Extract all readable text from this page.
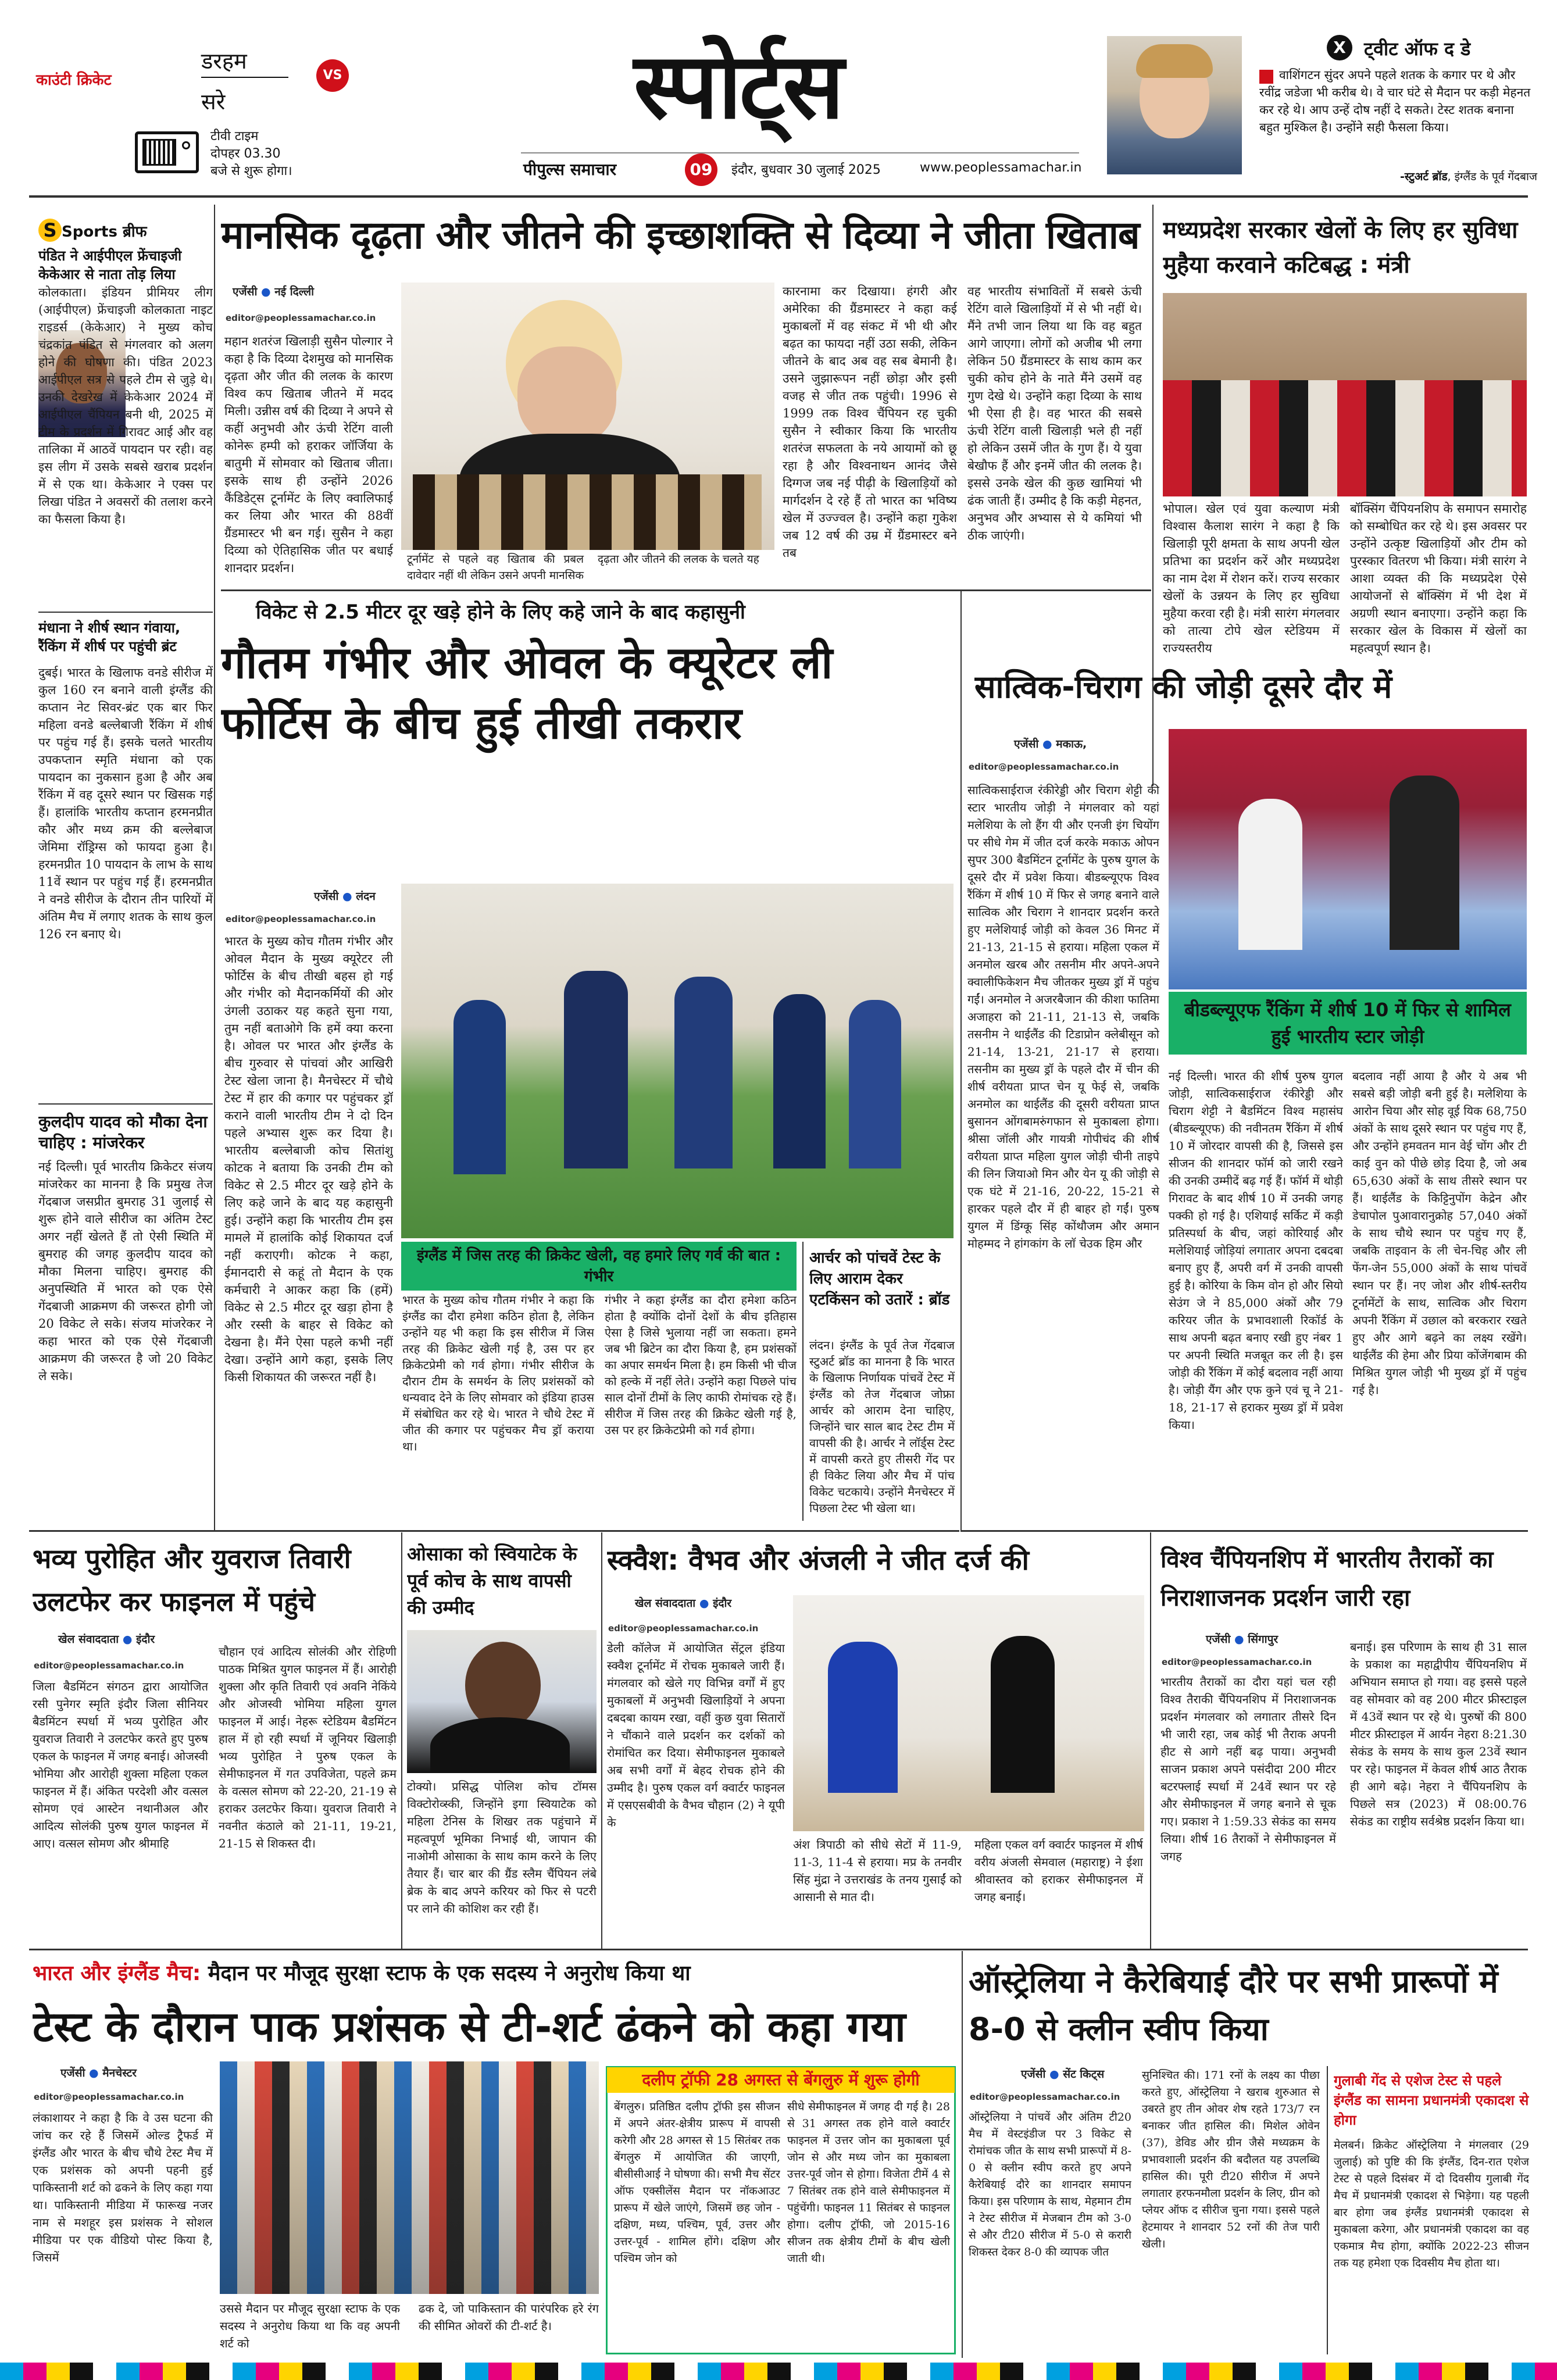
काउंटी क्रिकेट
डरहम
सरे
VS
टीवी टाइम
दोपहर 03.30
बजे से शुरू होगा।
स्पोर्ट्स
पीपुल्स समाचार	09	इंदौर, बुधवार 30 जुलाई 2025	www.peoplessamachar.in
X ट्वीट ऑफ द डे
वाशिंगटन सुंदर अपने पहले शतक के कगार पर थे और रवींद्र जडेजा भी करीब थे। वे चार घंटे से मैदान पर कड़ी मेहनत कर रहे थे। आप उन्हें दोष नहीं दे सकते। टेस्ट शतक बनाना बहुत मुश्किल है। उन्होंने सही फैसला किया।
-स्टुअर्ट ब्रॉड, इंग्लैंड के पूर्व गेंदबाज
S Sports ब्रीफ
पंडित ने आईपीएल फ्रेंचाइजी केकेआर से नाता तोड़ लिया
कोलकाता। इंडियन प्रीमियर लीग (आईपीएल) फ्रेंचाइजी कोलकाता नाइट राइडर्स (केकेआर) ने मुख्य कोच चंद्रकांत पंडित से मंगलवार को अलग होने की घोषणा की। पंडित 2023 आईपीएल सत्र से पहले टीम से जुड़े थे। उनकी देखरेख में केकेआर 2024 में आईपीएल चैंपियन बनी थी, 2025 में टीम के प्रदर्शन में गिरावट आई और वह तालिका में आठवें पायदान पर रही। वह इस लीग में उसके सबसे खराब प्रदर्शन में से एक था। केकेआर ने एक्स पर लिखा पंडित ने अवसरों की तलाश करने का फैसला किया है।
मंधाना ने शीर्ष स्थान गंवाया, रैंकिंग में शीर्ष पर पहुंची ब्रंट
दुबई। भारत के खिलाफ वनडे सीरीज में कुल 160 रन बनाने वाली इंग्लैंड की कप्तान नेट सिवर-ब्रंट एक बार फिर महिला वनडे बल्लेबाजी रैंकिंग में शीर्ष पर पहुंच गई हैं। इसके चलते भारतीय उपकप्तान स्मृति मंधाना को एक पायदान का नुकसान हुआ है और अब रैंकिंग में वह दूसरे स्थान पर खिसक गई हैं। हालांकि भारतीय कप्तान हरमनप्रीत कौर और मध्य क्रम की बल्लेबाज जेमिमा रॉड्रिग्स को फायदा हुआ है। हरमनप्रीत 10 पायदान के लाभ के साथ 11वें स्थान पर पहुंच गई हैं। हरमनप्रीत ने वनडे सीरीज के दौरान तीन पारियों में अंतिम मैच में लगाए शतक के साथ कुल 126 रन बनाए थे।
कुलदीप यादव को मौका देना चाहिए : मांजरेकर
नई दिल्ली। पूर्व भारतीय क्रिकेटर संजय मांजरेकर का मानना है कि प्रमुख तेज गेंदबाज जसप्रीत बुमराह 31 जुलाई से शुरू होने वाले सीरीज का अंतिम टेस्ट अगर नहीं खेलते हैं तो ऐसी स्थिति में बुमराह की जगह कुलदीप यादव को मौका मिलना चाहिए। बुमराह की अनुपस्थिति में भारत को एक ऐसे गेंदबाजी आक्रमण की जरूरत होगी जो 20 विकेट ले सके। संजय मांजरेकर ने कहा भारत को एक ऐसे गेंदबाजी आक्रमण की जरूरत है जो 20 विकेट ले सके।
मानसिक दृढ़ता और जीतने की इच्छाशक्ति से दिव्या ने जीता खिताब
एजेंसी ● नई दिल्ली
editor@peoplessamachar.co.in
महान शतरंज खिलाड़ी सुसैन पोल्गार ने कहा है कि दिव्या देशमुख को मानसिक दृढ़ता और जीत की ललक के कारण विश्व कप खिताब जीतने में मदद मिली। उन्नीस वर्ष की दिव्या ने अपने से कहीं अनुभवी और ऊंची रेटिंग वाली कोनेरू हम्पी को हराकर जॉर्जिया के बातुमी में सोमवार को खिताब जीता। इसके साथ ही उन्होंने 2026 कैंडिडेट्स टूर्नामेंट के लिए क्वालिफाई कर लिया और भारत की 88वीं ग्रैंडमास्टर भी बन गई। सुसैन ने कहा दिव्या को ऐतिहासिक जीत पर बधाई शानदार प्रदर्शन।
टूर्नामेंट से पहले वह खिताब की प्रबल दावेदार नहीं थी लेकिन उसने अपनी मानसिक दृढ़ता और जीतने की ललक के चलते यह
कारनामा कर दिखाया। हंगरी और अमेरिका की ग्रैंडमास्टर ने कहा कई मुकाबलों में वह संकट में भी थी और बढ़त का फायदा नहीं उठा सकी, लेकिन जीतने के बाद अब वह सब बेमानी है। उसने जुझारूपन नहीं छोड़ा और इसी वजह से जीत तक पहुंची। 1996 से 1999 तक विश्व चैंपियन रह चुकी सुसैन ने स्वीकार किया कि भारतीय शतरंज सफलता के नये आयामों को छू रहा है और विश्वनाथन आनंद जैसे दिग्गज जब नई पीढ़ी के खिलाड़ियों को मार्गदर्शन दे रहे हैं तो भारत का भविष्य खेल में उज्ज्वल है। उन्होंने कहा गुकेश जब 12 वर्ष की उम्र में ग्रैंडमास्टर बने तब
वह भारतीय संभावितों में सबसे ऊंची रेटिंग वाले खिलाड़ियों में से भी नहीं थे। मैंने तभी जान लिया था कि वह बहुत आगे जाएगा। लोगों को अजीब भी लगा लेकिन 50 ग्रैंडमास्टर के साथ काम कर चुकी कोच होने के नाते मैंने उसमें वह गुण देखे थे। उन्होंने कहा दिव्या के साथ भी ऐसा ही है। वह भारत की सबसे ऊंची रेटिंग वाली खिलाड़ी भले ही नहीं हो लेकिन उसमें जीत के गुण हैं। ये युवा बेखौफ हैं और इनमें जीत की ललक है। इससे उनके खेल की कुछ खामियां भी ढंक जाती हैं। उम्मीद है कि कड़ी मेहनत, अनुभव और अभ्यास से ये कमियां भी ठीक जाएंगी।
मध्यप्रदेश सरकार खेलों के लिए हर सुविधा मुहैया करवाने कटिबद्ध : मंत्री
भोपाल। खेल एवं युवा कल्याण मंत्री विश्वास कैलाश सारंग ने कहा है कि खिलाड़ी पूरी क्षमता के साथ अपनी खेल प्रतिभा का प्रदर्शन करें और मध्यप्रदेश का नाम देश में रोशन करें। राज्य सरकार खेलों के उन्नयन के लिए हर सुविधा मुहैया करवा रही है। मंत्री सारंग मंगलवार को तात्या टोपे खेल स्टेडियम में राज्यस्तरीय
बॉक्सिंग चैंपियनशिप के समापन समारोह को सम्बोधित कर रहे थे। इस अवसर पर उन्होंने उत्कृष्ट खिलाड़ियों और टीम को पुरस्कार वितरण भी किया। मंत्री सारंग ने आशा व्यक्त की कि मध्यप्रदेश ऐसे आयोजनों से बॉक्सिंग में भी देश में अग्रणी स्थान बनाएगा। उन्होंने कहा कि सरकार खेल के विकास में खेलों का महत्वपूर्ण स्थान है।
विकेट से 2.5 मीटर दूर खड़े होने के लिए कहे जाने के बाद कहासुनी
गौतम गंभीर और ओवल के क्यूरेटर ली फोर्टिस के बीच हुई तीखी तकरार
एजेंसी ● लंदन
editor@peoplessamachar.co.in
भारत के मुख्य कोच गौतम गंभीर और ओवल मैदान के मुख्य क्यूरेटर ली फोर्टिस के बीच तीखी बहस हो गई और गंभीर को मैदानकर्मियों की ओर उंगली उठाकर यह कहते सुना गया, तुम नहीं बताओगे कि हमें क्या करना है। ओवल पर भारत और इंग्लैंड के बीच गुरुवार से पांचवां और आखिरी टेस्ट खेला जाना है। मैनचेस्टर में चौथे टेस्ट में हार की कगार पर पहुंचकर ड्रॉ कराने वाली भारतीय टीम ने दो दिन पहले अभ्यास शुरू कर दिया है। भारतीय बल्लेबाजी कोच सितांशु कोटक ने बताया कि उनकी टीम को विकेट से 2.5 मीटर दूर खड़े होने के लिए कहे जाने के बाद यह कहासुनी हुई। उन्होंने कहा कि भारतीय टीम इस मामले में हालांकि कोई शिकायत दर्ज नहीं कराएगी। कोटक ने कहा, ईमानदारी से कहूं तो मैदान के एक कर्मचारी ने आकर कहा कि (हमें) विकेट से 2.5 मीटर दूर खड़ा होना है और रस्सी के बाहर से विकेट को देखना है। मैंने ऐसा पहले कभी नहीं देखा। उन्होंने आगे कहा, इसके लिए किसी शिकायत की जरूरत नहीं है।
इंग्लैंड में जिस तरह की क्रिकेट खेली, वह हमारे लिए गर्व की बात : गंभीर
भारत के मुख्य कोच गौतम गंभीर ने कहा कि इंग्लैंड का दौरा हमेशा कठिन होता है, लेकिन उन्होंने यह भी कहा कि इस सीरीज में जिस तरह की क्रिकेट खेली गई है, उस पर हर क्रिकेटप्रेमी को गर्व होगा। गंभीर सीरीज के दौरान टीम के समर्थन के लिए प्रशंसकों को धन्यवाद देने के लिए सोमवार को इंडिया हाउस में संबोधित कर रहे थे। भारत ने चौथे टेस्ट में जीत की कगार पर पहुंचकर मैच ड्रॉ कराया था।
गंभीर ने कहा इंग्लैंड का दौरा हमेशा कठिन होता है क्योंकि दोनों देशों के बीच इतिहास ऐसा है जिसे भुलाया नहीं जा सकता। हमने जब भी ब्रिटेन का दौरा किया है, हम प्रशंसकों का अपार समर्थन मिला है। हम किसी भी चीज को हल्के में नहीं लेते। उन्होंने कहा पिछले पांच साल दोनों टीमों के लिए काफी रोमांचक रहे हैं। सीरीज में जिस तरह की क्रिकेट खेली गई है, उस पर हर क्रिकेटप्रेमी को गर्व होगा।
आर्चर को पांचवें टेस्ट के लिए आराम देकर एटकिंसन को उतारें : ब्रॉड
लंदन। इंग्लैंड के पूर्व तेज गेंदबाज स्टुअर्ट ब्रॉड का मानना है कि भारत के खिलाफ निर्णायक पांचवें टेस्ट में इंग्लैंड को तेज गेंदबाज जोफ्रा आर्चर को आराम देना चाहिए, जिन्होंने चार साल बाद टेस्ट टीम में वापसी की है। आर्चर ने लॉर्ड्स टेस्ट में वापसी करते हुए तीसरी गेंद पर ही विकेट लिया और मैच में पांच विकेट चटकाये। उन्होंने मैनचेस्टर में पिछला टेस्ट भी खेला था।
सात्विक-चिराग की जोड़ी दूसरे दौर में
एजेंसी ● मकाऊ,
editor@peoplessamachar.co.in
सात्विकसाईराज रंकीरेड्डी और चिराग शेट्टी की स्टार भारतीय जोड़ी ने मंगलवार को यहां मलेशिया के लो हैंग यी और एनजी इंग चियोंग पर सीधे गेम में जीत दर्ज करके मकाऊ ओपन सुपर 300 बैडमिंटन टूर्नामेंट के पुरुष युगल के दूसरे दौर में प्रवेश किया। बीडब्ल्यूएफ विश्व रैंकिंग में शीर्ष 10 में फिर से जगह बनाने वाले सात्विक और चिराग ने शानदार प्रदर्शन करते हुए मलेशियाई जोड़ी को केवल 36 मिनट में 21-13, 21-15 से हराया। महिला एकल में अनमोल खरब और तसनीम मीर अपने-अपने क्वालीफिकेशन मैच जीतकर मुख्य ड्रॉ में पहुंच गईं। अनमोल ने अजरबैजान की कीशा फातिमा अजाहरा को 21-11, 21-13 से, जबकि तसनीम ने थाईलैंड की टिडाप्रोन क्लेबीसून को 21-14, 13-21, 21-17 से हराया। तसनीम का मुख्य ड्रॉ के पहले दौर में चीन की शीर्ष वरीयता प्राप्त चेन यू फेई से, जबकि अनमोल का थाईलैंड की दूसरी वरीयता प्राप्त बुसानन ओंगबामरुंगफान से मुकाबला होगा। श्रीसा जॉली और गायत्री गोपीचंद की शीर्ष वरीयता प्राप्त महिला युगल जोड़ी चीनी ताइपे की लिन जियाओ मिन और येन यू की जोड़ी से एक घंटे में 21-16, 20-22, 15-21 से हारकर पहले दौर में ही बाहर हो गईं। पुरुष युगल में डिंग्कू सिंह कोंथौजम और अमान मोहम्मद ने हांगकांग के लाॅ चेउक हिम और
बीडब्ल्यूएफ रैंकिंग में शीर्ष 10 में फिर से शामिल हुई भारतीय स्टार जोड़ी
नई दिल्ली। भारत की शीर्ष पुरुष युगल जोड़ी, सात्विकसाईराज रंकीरेड्डी और चिराग शेट्टी ने बैडमिंटन विश्व महासंघ (बीडब्ल्यूएफ) की नवीनतम रैंकिंग में शीर्ष 10 में जोरदार वापसी की है, जिससे इस सीजन की शानदार फॉर्म को जारी रखने की उनकी उम्मीदें बढ़ गई हैं। फॉर्म में थोड़ी गिरावट के बाद शीर्ष 10 में उनकी जगह पक्की हो गई है। एशियाई सर्किट में कड़ी प्रतिस्पर्धा के बीच, जहां कोरियाई और मलेशियाई जोड़ियां लगातार अपना दबदबा बनाए हुए हैं, अपरी वर्ग में उनकी वापसी हुई है। कोरिया के किम वोन हो और सियो सेउंग जे ने 85,000 अंकों और 79 करियर जीत के प्रभावशाली रिकॉर्ड के साथ अपनी बढ़त बनाए रखी हुए नंबर 1 पर अपनी स्थिति मजबूत कर ली है। इस जोड़ी की रैंकिंग में कोई बदलाव नहीं आया है। जोड़ी यैंग और एफ कुने एवं चू ने 21-18, 21-17 से हराकर मुख्य ड्रॉ में प्रवेश किया।
बदलाव नहीं आया है और ये अब भी सबसे बड़ी जोड़ी बनी हुई है। मलेशिया के आरोन चिया और सोह वूई यिक 68,750 अंकों के साथ दूसरे स्थान पर पहुंच गए हैं, और उन्होंने हमवतन मान वेई चोंग और टी काई वुन को पीछे छोड़ दिया है, जो अब 65,630 अंकों के साथ तीसरे स्थान पर हैं। थाईलैंड के किट्टिनुपोंग केद्रेन और डेचापोल पुआवारानुक्रोह 57,040 अंकों के साथ चौथे स्थान पर पहुंच गए हैं, जबकि ताइवान के ली चेन-चिह और ली फेंग-जेन 55,000 अंकों के साथ पांचवें स्थान पर हैं। नए जोश और शीर्ष-स्तरीय टूर्नामेंटों के साथ, सात्विक और चिराग अपनी रैंकिंग में उछाल को बरकरार रखते हुए और आगे बढ़ने का लक्ष्य रखेंगे। थाईलैंड की हेमा और प्रिया कोंजेंगबाम की मिश्रित युगल जोड़ी भी मुख्य ड्रॉ में पहुंच गई है।
भव्य पुरोहित और युवराज तिवारी उलटफेर कर फाइनल में पहुंचे
खेल संवाददाता ● इंदौर
editor@peoplessamachar.co.in
जिला बैडमिंटन संगठन द्वारा आयोजित रसी पुनेगर स्मृति इंदौर जिला सीनियर बैडमिंटन स्पर्धा में भव्य पुरोहित और युवराज तिवारी ने उलटफेर करते हुए पुरुष एकल के फाइनल में जगह बनाई। ओजस्वी भोमिया और आरोही शुक्ला महिला एकल फाइनल में हैं। अंकित परदेशी और वत्सल सोमण एवं आस्टेन नथानीअल और आदित्य सोलंकी पुरुष युगल फाइनल में आए। वत्सल सोमण और श्रीमाहि
चौहान एवं आदित्य सोलंकी और रोहिणी पाठक मिश्रित युगल फाइनल में हैं। आरोही शुक्ला और कृति तिवारी एवं अवनि नेकिंये और ओजस्वी भोमिया महिला युगल फाइनल में आई। नेहरू स्टेडियम बैडमिंटन हाल में हो रही स्पर्धा में जूनियर खिलाड़ी भव्य पुरोहित ने पुरुष एकल के सेमीफाइनल में गत उपविजेता, पहले क्रम के वत्सल सोमण को 22-20, 21-19 से हराकर उलटफेर किया। युवराज तिवारी ने नवनीत कंठाले को 21-11, 19-21, 21-15 से शिकस्त दी।
ओसाका को स्वियाटेक के पूर्व कोच के साथ वापसी की उम्मीद
टोक्यो। प्रसिद्ध पोलिश कोच टॉमस विक्टोरोव्स्की, जिन्होंने इगा स्वियाटेक को महिला टेनिस के शिखर तक पहुंचाने में महत्वपूर्ण भूमिका निभाई थी, जापान की नाओमी ओसाका के साथ काम करने के लिए तैयार हैं। चार बार की ग्रैंड स्लैम चैंपियन लंबे ब्रेक के बाद अपने करियर को फिर से पटरी पर लाने की कोशिश कर रही हैं।
स्क्वैश: वैभव और अंजली ने जीत दर्ज की
खेल संवाददाता ● इंदौर
editor@peoplessamachar.co.in
डेली कॉलेज में आयोजित सेंट्रल इंडिया स्क्वैश टूर्नामेंट में रोचक मुकाबले जारी हैं। मंगलवार को खेले गए विभिन्न वर्गों में हुए मुकाबलों में अनुभवी खिलाड़ियों ने अपना दबदबा कायम रखा, वहीं कुछ युवा सितारों ने चौंकाने वाले प्रदर्शन कर दर्शकों को रोमांचित कर दिया। सेमीफाइनल मुकाबले अब सभी वर्गों में बेहद रोचक होने की उम्मीद है। पुरुष एकल वर्ग क्वार्टर फाइनल में एसएसबीवी के वैभव चौहान (2) ने यूपी के
अंश त्रिपाठी को सीधे सेटों में 11-9, 11-3, 11-4 से हराया। मप्र के तनवीर सिंह मुंद्रा ने उत्तराखंड के तनय गुसाईं को आसानी से मात दी।
महिला एकल वर्ग क्वार्टर फाइनल में शीर्ष वरीय अंजली सेमवाल (महाराष्ट्र) ने ईशा श्रीवास्तव को हराकर सेमीफाइनल में जगह बनाई।
विश्व चैंपियनशिप में भारतीय तैराकों का निराशाजनक प्रदर्शन जारी रहा
एजेंसी ● सिंगापुर
editor@peoplessamachar.co.in
भारतीय तैराकों का दौरा यहां चल रही विश्व तैराकी चैंपियनशिप में निराशाजनक प्रदर्शन मंगलवार को लगातार तीसरे दिन भी जारी रहा, जब कोई भी तैराक अपनी हीट से आगे नहीं बढ़ पाया। अनुभवी साजन प्रकाश अपने पसंदीदा 200 मीटर बटरफ्लाई स्पर्धा में 24वें स्थान पर रहे और सेमीफाइनल में जगह बनाने से चूक गए। प्रकाश ने 1:59.33 सेकंड का समय लिया। शीर्ष 16 तैराकों ने सेमीफाइनल में जगह
बनाई। इस परिणाम के साथ ही 31 साल के प्रकाश का महाद्वीपीय चैंपियनशिप में अभियान समाप्त हो गया। वह इससे पहले वह सोमवार को वह 200 मीटर फ्रीस्टाइल में 43वें स्थान पर रहे थे। पुरुषों की 800 मीटर फ्रीस्टाइल में आर्यन नेहरा 8:21.30 सेकंड के समय के साथ कुल 23वें स्थान पर रहे। फाइनल में केवल शीर्ष आठ तैराक ही आगे बढ़े। नेहरा ने चैंपियनशिप के पिछले सत्र (2023) में 08:00.76 सेकंड का राष्ट्रीय सर्वश्रेष्ठ प्रदर्शन किया था।
भारत और इंग्लैंड मैच: मैदान पर मौजूद सुरक्षा स्टाफ के एक सदस्य ने अनुरोध किया था
टेस्ट के दौरान पाक प्रशंसक से टी-शर्ट ढंकने को कहा गया
एजेंसी ● मैनचेस्टर
editor@peoplessamachar.co.in
लंकाशायर ने कहा है कि वे उस घटना की जांच कर रहे हैं जिसमें ओल्ड ट्रैफर्ड में इंग्लैंड और भारत के बीच चौथे टेस्ट मैच में एक प्रशंसक को अपनी पहनी हुई पाकिस्तानी शर्ट को ढकने के लिए कहा गया था। पाकिस्तानी मीडिया में फारूख नजर नाम से मशहूर इस प्रशंसक ने सोशल मीडिया पर एक वीडियो पोस्ट किया है, जिसमें
उससे मैदान पर मौजूद सुरक्षा स्टाफ के एक सदस्य ने अनुरोध किया था कि वह अपनी शर्ट को
ढक दे, जो पाकिस्तान की पारंपरिक हरे रंग की सीमित ओवरों की टी-शर्ट है।
दलीप ट्रॉफी 28 अगस्त से बेंगलुरु में शुरू होगी
बेंगलुरु। प्रतिष्ठित दलीप ट्रॉफी इस सीजन में अपने अंतर-क्षेत्रीय प्रारूप में वापसी करेगी और 28 अगस्त से 15 सितंबर तक बेंगलुरु में आयोजित की जाएगी, बीसीसीआई ने घोषणा की। सभी मैच सेंटर ऑफ एक्सीलेंस मैदान पर नॉकआउट प्रारूप में खेले जाएंगे, जिसमें छह जोन - दक्षिण, मध्य, पश्चिम, पूर्व, उत्तर और उत्तर-पूर्व - शामिल होंगे। दक्षिण और पश्चिम जोन को
सीधे सेमीफाइनल में जगह दी गई है। 28 से 31 अगस्त तक होने वाले क्वार्टर फाइनल में उत्तर जोन का मुकाबला पूर्व जोन से और मध्य जोन का मुकाबला उत्तर-पूर्व जोन से होगा। विजेता टीमें 4 से 7 सितंबर तक होने वाले सेमीफाइनल में पहुंचेंगी। फाइनल 11 सितंबर से फाइनल होगा। दलीप ट्रॉफी, जो 2015-16 सीजन तक क्षेत्रीय टीमों के बीच खेली जाती थी।
ऑस्ट्रेलिया ने कैरेबियाई दौरे पर सभी प्रारूपों में 8-0 से क्लीन स्वीप किया
एजेंसी ● सेंट किट्स
editor@peoplessamachar.co.in
ऑस्ट्रेलिया ने पांचवें और अंतिम टी20 मैच में वेस्टइंडीज पर 3 विकेट से रोमांचक जीत के साथ सभी प्रारूपों में 8-0 से क्लीन स्वीप करते हुए अपने कैरेबियाई दौरे का शानदार समापन किया। इस परिणाम के साथ, मेहमान टीम ने टेस्ट सीरीज में मेजबान टीम को 3-0 से और टी20 सीरीज में 5-0 से करारी शिकस्त देकर 8-0 की व्यापक जीत
सुनिश्चित की। 171 रनों के लक्ष्य का पीछा करते हुए, ऑस्ट्रेलिया ने खराब शुरुआत से उबरते हुए तीन ओवर शेष रहते 173/7 रन बनाकर जीत हासिल की। मिशेल ओवेन (37), डेविड और ग्रीन जैसे मध्यक्रम के प्रभावशाली प्रदर्शन की बदौलत यह उपलब्धि हासिल की। पूरी टी20 सीरीज में अपने लगातार हरफनमौला प्रदर्शन के लिए, ग्रीन को प्लेयर ऑफ द सीरीज चुना गया। इससे पहले हेटमायर ने शानदार 52 रनों की तेज पारी खेली।
गुलाबी गेंद से एशेज टेस्ट से पहले इंग्लैंड का सामना प्रधानमंत्री एकादश से होगा
मेलबर्न। क्रिकेट ऑस्ट्रेलिया ने मंगलवार (29 जुलाई) को पुष्टि की कि इंग्लैंड, दिन-रात एशेज टेस्ट से पहले दिसंबर में दो दिवसीय गुलाबी गेंद मैच में प्रधानमंत्री एकादश से भिड़ेगा। यह पहली बार होगा जब इंग्लैंड प्रधानमंत्री एकादश से मुकाबला करेगा, और प्रधानमंत्री एकादश का वह एकमात्र मैच होगा, क्योंकि 2022-23 सीजन तक यह हमेशा एक दिवसीय मैच होता था।
